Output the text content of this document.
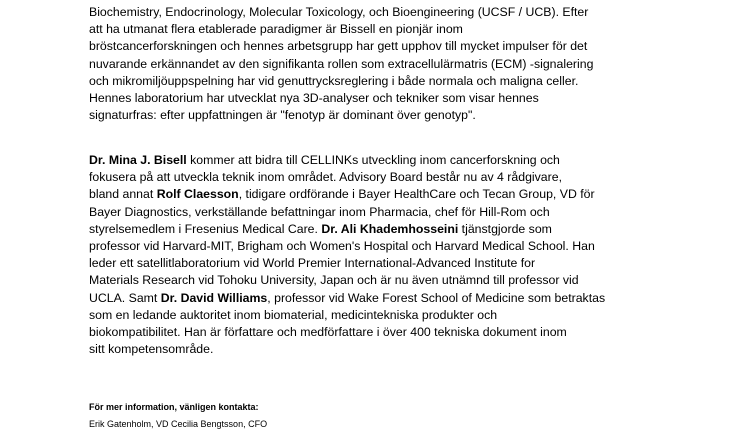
Biochemistry, Endocrinology, Molecular Toxicology, och Bioengineering (UCSF / UCB). Efter
att ha utmanat flera etablerade paradigmer är Bissell en pionjär inom
bröstcancerforskningen och hennes arbetsgrupp har gett upphov till mycket impulser för det
nuvarande erkännandet av den signifikanta rollen som extracellulärmatris (ECM) -signalering
och mikromiljöuppspelning har vid genuttrycksreglering i både normala och maligna celler.
Hennes laboratorium har utvecklat nya 3D-analyser och tekniker som visar hennes
signaturfras: efter uppfattningen är "fenotyp är dominant över genotyp".

Dr. Mina J. Bisell kommer att bidra till CELLINKs utveckling inom cancerforskning och
fokusera på att utveckla teknik inom området. Advisory Board består nu av 4 rådgivare,
bland annat Rolf Claesson, tidigare ordförande i Bayer HealthCare och Tecan Group, VD för
Bayer Diagnostics, verkställande befattningar inom Pharmacia, chef för Hill-Rom och
styrelsemedlem i Fresenius Medical Care. Dr. Ali Khademhosseini tjänstgjorde som
professor vid Harvard-MIT, Brigham och Women's Hospital och Harvard Medical School. Han
leder ett satellitlaboratorium vid World Premier International-Advanced Institute for
Materials Research vid Tohoku University, Japan och är nu även utnämnd till professor vid
UCLA. Samt Dr. David Williams, professor vid Wake Forest School of Medicine som betraktas
som en ledande auktoritet inom biomaterial, medicintekniska produkter och
biokompatibilitet. Han är författare och medförfattare i över 400 tekniska dokument inom
sitt kompetensområde.

För mer information, vänligen kontakta:
Erik Gatenholm, VD Cecilia Bengtsson, CFO
